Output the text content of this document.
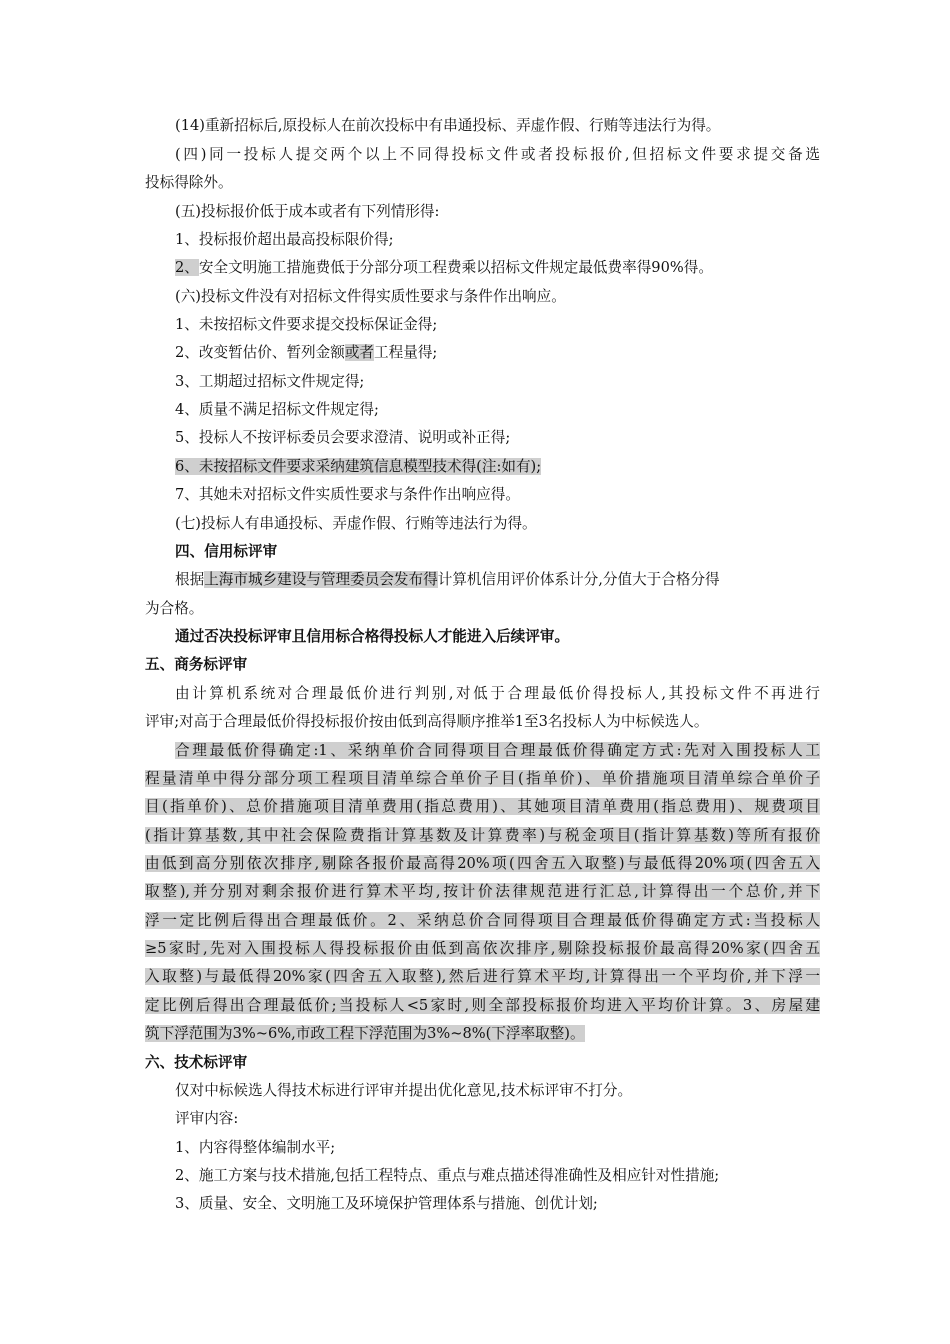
(14)重新招标后,原投标人在前次投标中有串通投标、弄虚作假、行贿等违法行为得。
(四)同一投标人提交两个以上不同得投标文件或者投标报价,但招标文件要求提交备选
投标得除外。
(五)投标报价低于成本或者有下列情形得:
1、投标报价超出最高投标限价得;
2、安全文明施工措施费低于分部分项工程费乘以招标文件规定最低费率得90%得。
(六)投标文件没有对招标文件得实质性要求与条件作出响应。
1、未按招标文件要求提交投标保证金得;
2、改变暂估价、暂列金额或者工程量得;
3、工期超过招标文件规定得;
4、质量不满足招标文件规定得;
5、投标人不按评标委员会要求澄清、说明或补正得;
6、未按招标文件要求采纳建筑信息模型技术得(注:如有);
7、其她未对招标文件实质性要求与条件作出响应得。
(七)投标人有串通投标、弄虚作假、行贿等违法行为得。
四、信用标评审
根据上海市城乡建设与管理委员会发布得计算机信用评价体系计分,分值大于合格分得
为合格。
通过否决投标评审且信用标合格得投标人才能进入后续评审。
五、商务标评审
由计算机系统对合理最低价进行判别,对低于合理最低价得投标人,其投标文件不再进行
评审;对高于合理最低价得投标报价按由低到高得顺序推举1至3名投标人为中标候选人。
合理最低价得确定:1、采纳单价合同得项目合理最低价得确定方式:先对入围投标人工
程量清单中得分部分项工程项目清单综合单价子目(指单价)、单价措施项目清单综合单价子
目(指单价)、总价措施项目清单费用(指总费用)、其她项目清单费用(指总费用)、规费项目
(指计算基数,其中社会保险费指计算基数及计算费率)与税金项目(指计算基数)等所有报价
由低到高分别依次排序,剔除各报价最高得20%项(四舍五入取整)与最低得20%项(四舍五入
取整),并分别对剩余报价进行算术平均,按计价法律规范进行汇总,计算得出一个总价,并下
浮一定比例后得出合理最低价。2、采纳总价合同得项目合理最低价得确定方式:当投标人
≥5家时,先对入围投标人得投标报价由低到高依次排序,剔除投标报价最高得20%家(四舍五
入取整)与最低得20%家(四舍五入取整),然后进行算术平均,计算得出一个平均价,并下浮一
定比例后得出合理最低价;当投标人<5家时,则全部投标报价均进入平均价计算。3、房屋建
筑下浮范围为3%~6%,市政工程下浮范围为3%~8%(下浮率取整)。
六、技术标评审
仅对中标候选人得技术标进行评审并提出优化意见,技术标评审不打分。
评审内容:
1、内容得整体编制水平;
2、施工方案与技术措施,包括工程特点、重点与难点描述得准确性及相应针对性措施;
3、质量、安全、文明施工及环境保护管理体系与措施、创优计划;
